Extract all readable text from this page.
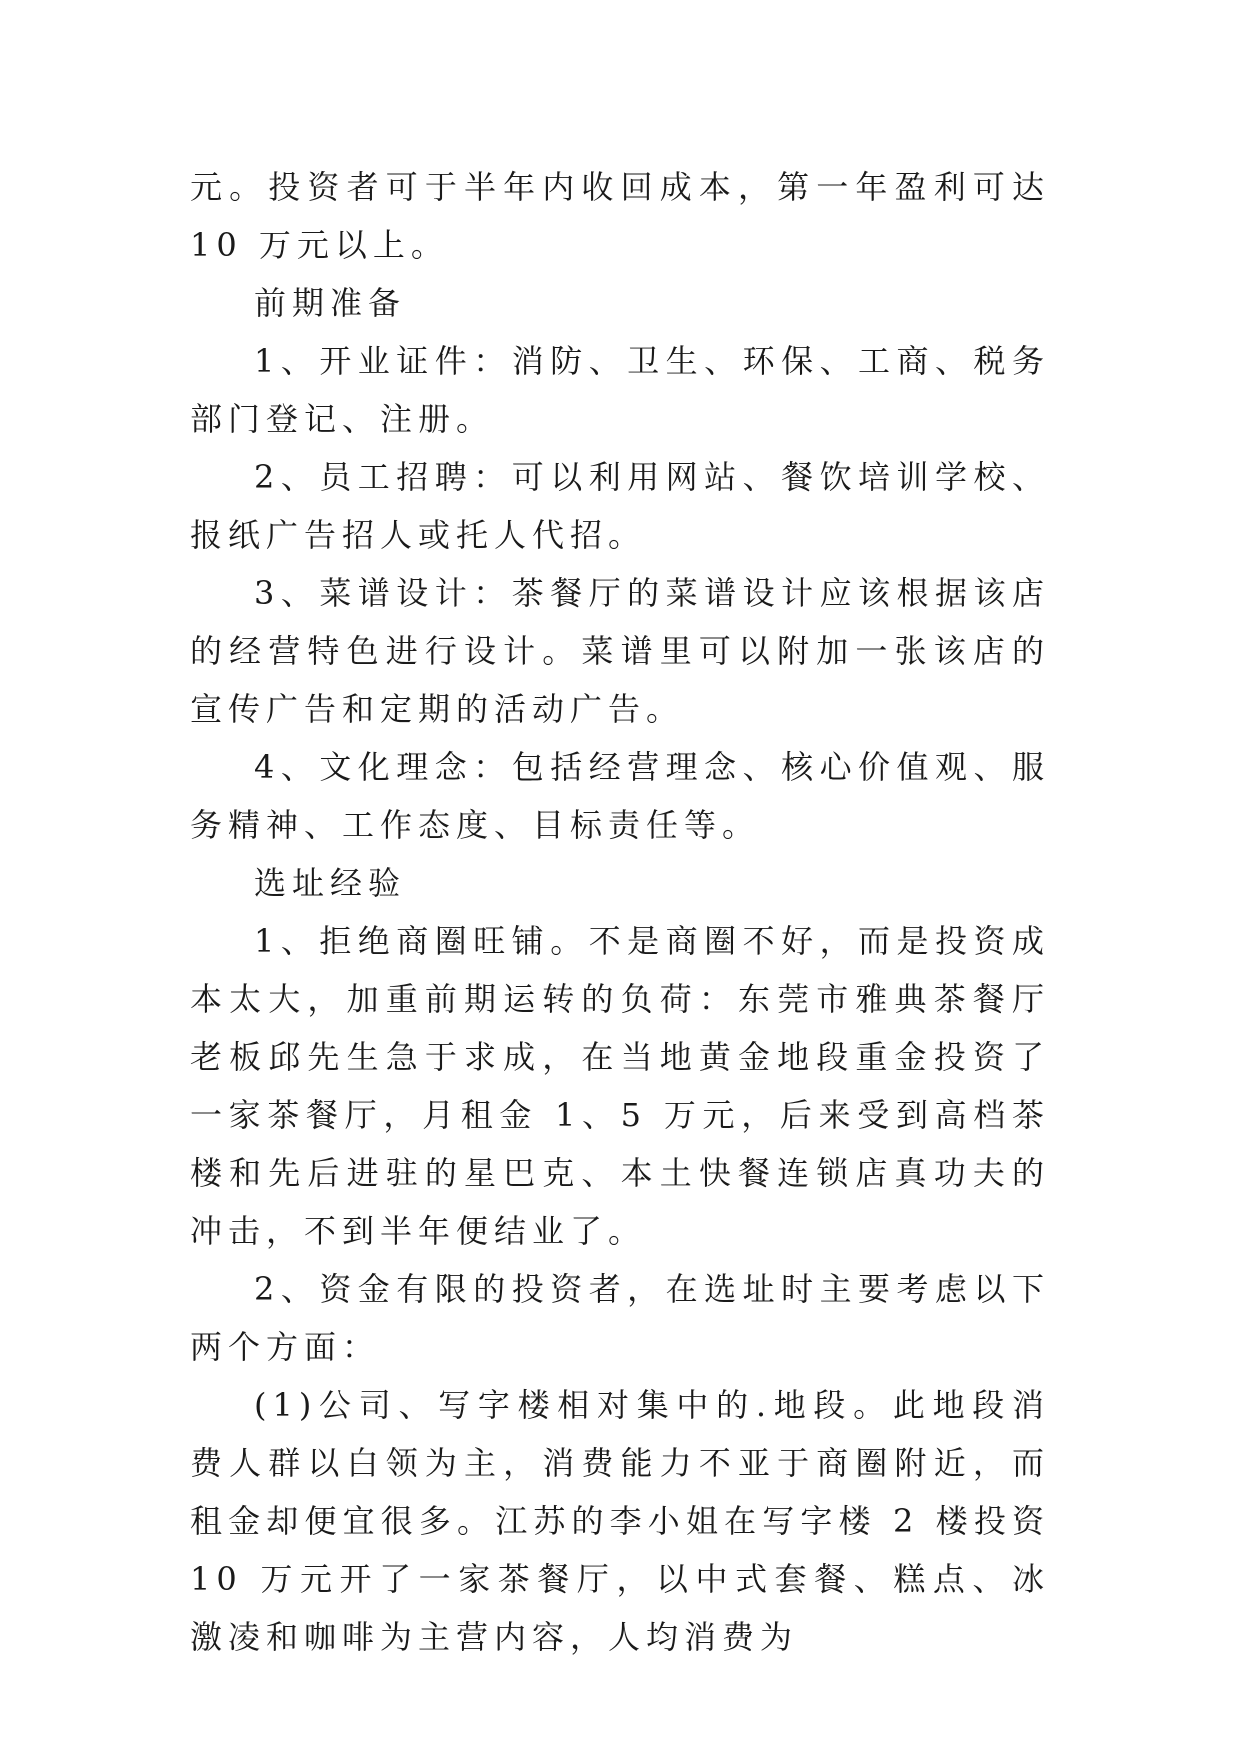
元。投资者可于半年内收回成本，第一年盈利可达 10 万元以上。

前期准备

1、开业证件：消防、卫生、环保、工商、税务部门登记、注册。

2、员工招聘：可以利用网站、餐饮培训学校、报纸广告招人或托人代招。

3、菜谱设计：茶餐厅的菜谱设计应该根据该店的经营特色进行设计。菜谱里可以附加一张该店的宣传广告和定期的活动广告。

4、文化理念：包括经营理念、核心价值观、服务精神、工作态度、目标责任等。

选址经验

1、拒绝商圈旺铺。不是商圈不好，而是投资成本太大，加重前期运转的负荷：东莞市雅典茶餐厅老板邱先生急于求成，在当地黄金地段重金投资了一家茶餐厅，月租金 1、5 万元，后来受到高档茶楼和先后进驻的星巴克、本土快餐连锁店真功夫的冲击，不到半年便结业了。

2、资金有限的投资者，在选址时主要考虑以下两个方面：

(1)公司、写字楼相对集中的.地段。此地段消费人群以白领为主，消费能力不亚于商圈附近，而租金却便宜很多。江苏的李小姐在写字楼 2 楼投资 10 万元开了一家茶餐厅，以中式套餐、糕点、冰激凌和咖啡为主营内容，人均消费为
